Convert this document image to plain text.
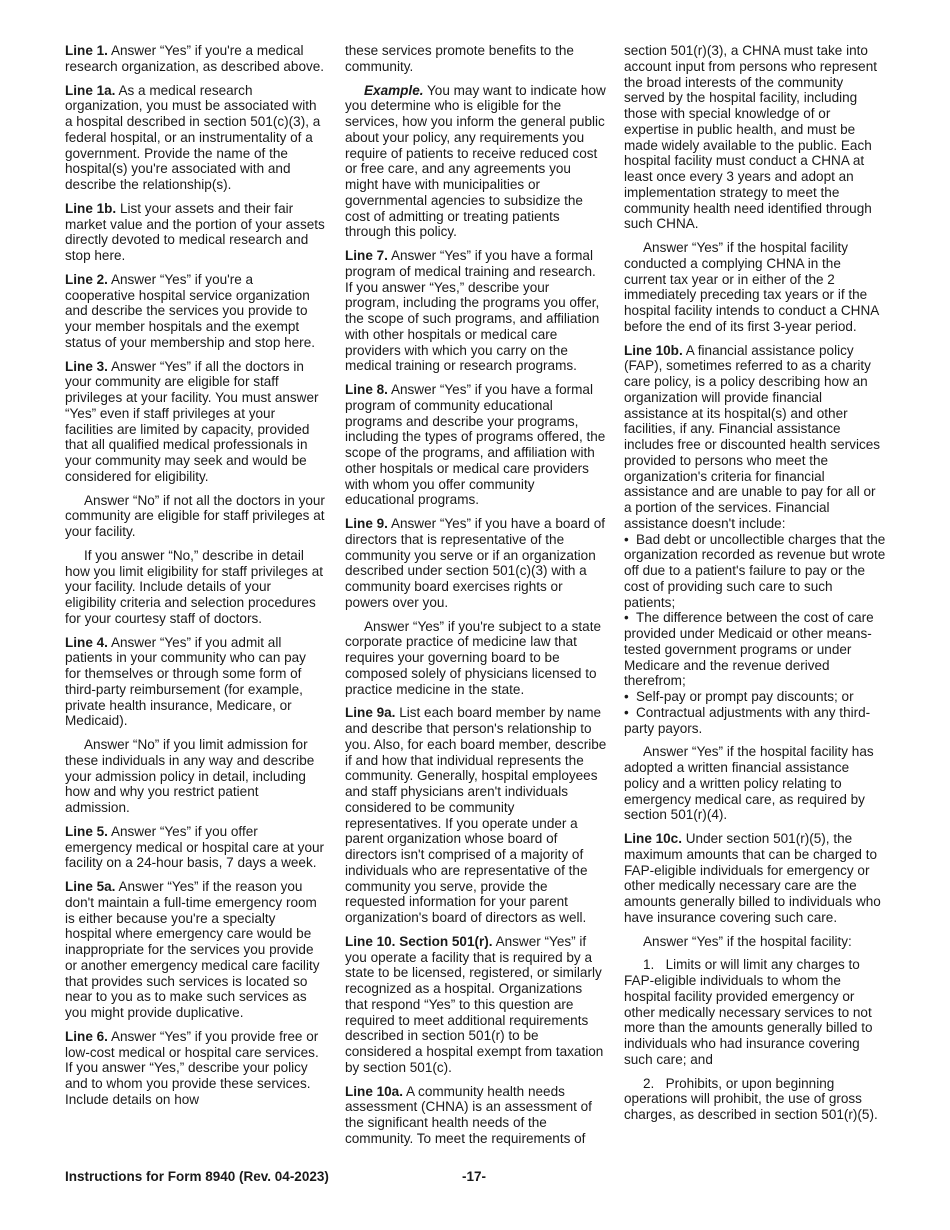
Line 1. Answer “Yes” if you're a medical research organization, as described above.

Line 1a. As a medical research organization, you must be associated with a hospital described in section 501(c)(3), a federal hospital, or an instrumentality of a government. Provide the name of the hospital(s) you're associated with and describe the relationship(s).

Line 1b. List your assets and their fair market value and the portion of your assets directly devoted to medical research and stop here.

Line 2. Answer “Yes” if you're a cooperative hospital service organization and describe the services you provide to your member hospitals and the exempt status of your membership and stop here.

Line 3. Answer “Yes” if all the doctors in your community are eligible for staff privileges at your facility. You must answer “Yes” even if staff privileges at your facilities are limited by capacity, provided that all qualified medical professionals in your community may seek and would be considered for eligibility.

Answer “No” if not all the doctors in your community are eligible for staff privileges at your facility.

If you answer “No,” describe in detail how you limit eligibility for staff privileges at your facility. Include details of your eligibility criteria and selection procedures for your courtesy staff of doctors.

Line 4. Answer “Yes” if you admit all patients in your community who can pay for themselves or through some form of third-party reimbursement (for example, private health insurance, Medicare, or Medicaid).

Answer “No” if you limit admission for these individuals in any way and describe your admission policy in detail, including how and why you restrict patient admission.

Line 5. Answer “Yes” if you offer emergency medical or hospital care at your facility on a 24-hour basis, 7 days a week.

Line 5a. Answer “Yes” if the reason you don't maintain a full-time emergency room is either because you're a specialty hospital where emergency care would be inappropriate for the services you provide or another emergency medical care facility that provides such services is located so near to you as to make such services as you might provide duplicative.

Line 6. Answer “Yes” if you provide free or low-cost medical or hospital care services. If you answer “Yes,” describe your policy and to whom you provide these services. Include details on how

these services promote benefits to the community.

Example. You may want to indicate how you determine who is eligible for the services, how you inform the general public about your policy, any requirements you require of patients to receive reduced cost or free care, and any agreements you might have with municipalities or governmental agencies to subsidize the cost of admitting or treating patients through this policy.

Line 7. Answer “Yes” if you have a formal program of medical training and research. If you answer “Yes,” describe your program, including the programs you offer, the scope of such programs, and affiliation with other hospitals or medical care providers with which you carry on the medical training or research programs.

Line 8. Answer “Yes” if you have a formal program of community educational programs and describe your programs, including the types of programs offered, the scope of the programs, and affiliation with other hospitals or medical care providers with whom you offer community educational programs.

Line 9. Answer “Yes” if you have a board of directors that is representative of the community you serve or if an organization described under section 501(c)(3) with a community board exercises rights or powers over you.

Answer “Yes” if you're subject to a state corporate practice of medicine law that requires your governing board to be composed solely of physicians licensed to practice medicine in the state.

Line 9a. List each board member by name and describe that person's relationship to you. Also, for each board member, describe if and how that individual represents the community. Generally, hospital employees and staff physicians aren't individuals considered to be community representatives. If you operate under a parent organization whose board of directors isn't comprised of a majority of individuals who are representative of the community you serve, provide the requested information for your parent organization's board of directors as well.

Line 10. Section 501(r). Answer “Yes” if you operate a facility that is required by a state to be licensed, registered, or similarly recognized as a hospital. Organizations that respond “Yes” to this question are required to meet additional requirements described in section 501(r) to be considered a hospital exempt from taxation by section 501(c).

Line 10a. A community health needs assessment (CHNA) is an assessment of the significant health needs of the community. To meet the requirements of

section 501(r)(3), a CHNA must take into account input from persons who represent the broad interests of the community served by the hospital facility, including those with special knowledge of or expertise in public health, and must be made widely available to the public. Each hospital facility must conduct a CHNA at least once every 3 years and adopt an implementation strategy to meet the community health need identified through such CHNA.

Answer “Yes” if the hospital facility conducted a complying CHNA in the current tax year or in either of the 2 immediately preceding tax years or if the hospital facility intends to conduct a CHNA before the end of its first 3-year period.

Line 10b. A financial assistance policy (FAP), sometimes referred to as a charity care policy, is a policy describing how an organization will provide financial assistance at its hospital(s) and other facilities, if any. Financial assistance includes free or discounted health services provided to persons who meet the organization's criteria for financial assistance and are unable to pay for all or a portion of the services. Financial assistance doesn't include:

• Bad debt or uncollectible charges that the organization recorded as revenue but wrote off due to a patient's failure to pay or the cost of providing such care to such patients;

• The difference between the cost of care provided under Medicaid or other means-tested government programs or under Medicare and the revenue derived therefrom;

• Self-pay or prompt pay discounts; or

• Contractual adjustments with any third-party payors.

Answer “Yes” if the hospital facility has adopted a written financial assistance policy and a written policy relating to emergency medical care, as required by section 501(r)(4).

Line 10c. Under section 501(r)(5), the maximum amounts that can be charged to FAP-eligible individuals for emergency or other medically necessary care are the amounts generally billed to individuals who have insurance covering such care.

Answer “Yes” if the hospital facility:

1.   Limits or will limit any charges to FAP-eligible individuals to whom the hospital facility provided emergency or other medically necessary services to not more than the amounts generally billed to individuals who had insurance covering such care; and

2.   Prohibits, or upon beginning operations will prohibit, the use of gross charges, as described in section 501(r)(5).

Instructions for Form 8940 (Rev. 04-2023)	-17-
